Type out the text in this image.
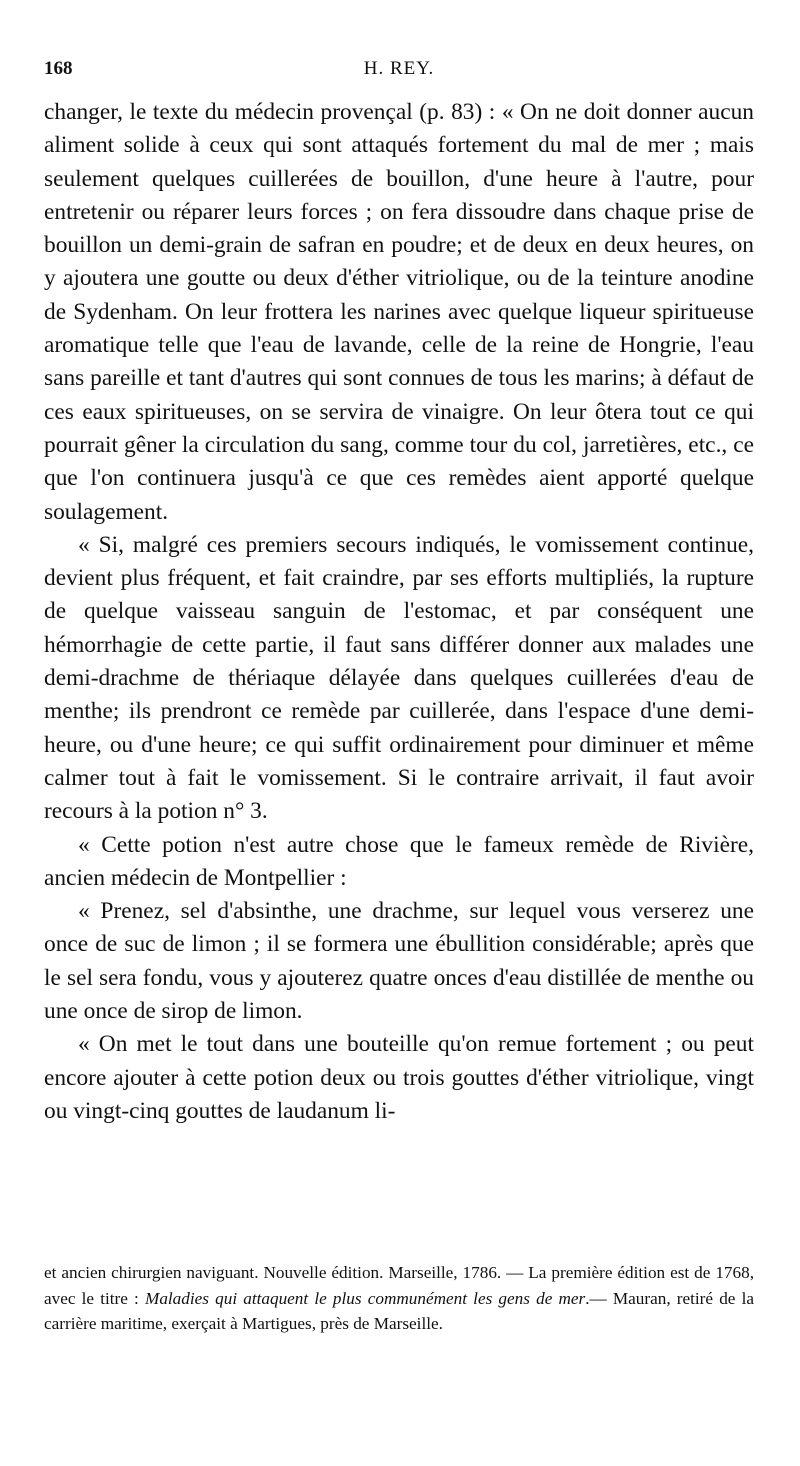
168	H. REY.

changer, le texte du médecin provençal (p. 83) : « On ne doit donner aucun aliment solide à ceux qui sont attaqués fortement du mal de mer ; mais seulement quelques cuillerées de bouillon, d'une heure à l'autre, pour entretenir ou réparer leurs forces ; on fera dissoudre dans chaque prise de bouillon un demi-grain de safran en poudre; et de deux en deux heures, on y ajoutera une goutte ou deux d'éther vitriolique, ou de la teinture anodine de Sydenham. On leur frottera les narines avec quelque liqueur spiritueuse aromatique telle que l'eau de lavande, celle de la reine de Hongrie, l'eau sans pareille et tant d'autres qui sont connues de tous les marins; à défaut de ces eaux spiritueuses, on se servira de vinaigre. On leur ôtera tout ce qui pourrait gêner la circulation du sang, comme tour du col, jarretières, etc., ce que l'on continuera jusqu'à ce que ces remèdes aient apporté quelque soulagement.

« Si, malgré ces premiers secours indiqués, le vomissement continue, devient plus fréquent, et fait craindre, par ses efforts multipliés, la rupture de quelque vaisseau sanguin de l'estomac, et par conséquent une hémorrhagie de cette partie, il faut sans différer donner aux malades une demi-drachme de thériaque délayée dans quelques cuillerées d'eau de menthe; ils prendront ce remède par cuillerée, dans l'espace d'une demi-heure, ou d'une heure; ce qui suffit ordinairement pour diminuer et même calmer tout à fait le vomissement. Si le contraire arrivait, il faut avoir recours à la potion n° 3.

« Cette potion n'est autre chose que le fameux remède de Rivière, ancien médecin de Montpellier :

« Prenez, sel d'absinthe, une drachme, sur lequel vous verserez une once de suc de limon ; il se formera une ébullition considérable; après que le sel sera fondu, vous y ajouterez quatre onces d'eau distillée de menthe ou une once de sirop de limon.

« On met le tout dans une bouteille qu'on remue fortement ; ou peut encore ajouter à cette potion deux ou trois gouttes d'éther vitriolique, vingt ou vingt-cinq gouttes de laudanum li-

et ancien chirurgien naviguant. Nouvelle édition. Marseille, 1786. — La première édition est de 1768, avec le titre : Maladies qui attaquent le plus communément les gens de mer.— Mauran, retiré de la carrière maritime, exerçait à Martigues, près de Marseille.
